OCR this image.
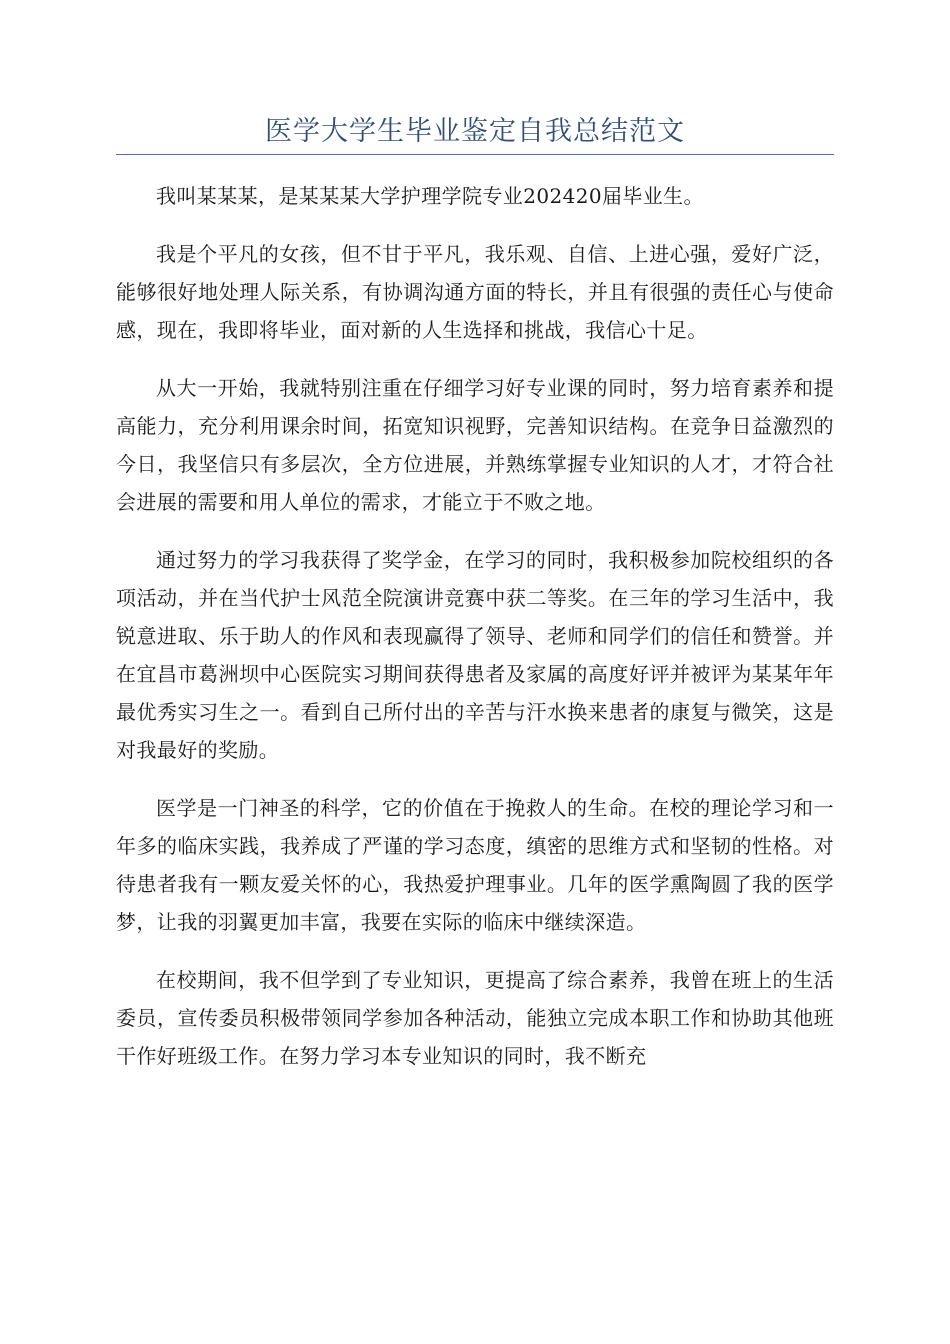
医学大学生毕业鉴定自我总结范文

我叫某某某，是某某某大学护理学院专业202420届毕业生。

我是个平凡的女孩，但不甘于平凡，我乐观、自信、上进心强，爱好广泛，能够很好地处理人际关系，有协调沟通方面的特长，并且有很强的责任心与使命感，现在，我即将毕业，面对新的人生选择和挑战，我信心十足。

从大一开始，我就特别注重在仔细学习好专业课的同时，努力培育素养和提高能力，充分利用课余时间，拓宽知识视野，完善知识结构。在竞争日益激烈的今日，我坚信只有多层次，全方位进展，并熟练掌握专业知识的人才，才符合社会进展的需要和用人单位的需求，才能立于不败之地。

通过努力的学习我获得了奖学金，在学习的同时，我积极参加院校组织的各项活动，并在当代护士风范全院演讲竞赛中获二等奖。在三年的学习生活中，我锐意进取、乐于助人的作风和表现赢得了领导、老师和同学们的信任和赞誉。并在宜昌市葛洲坝中心医院实习期间获得患者及家属的高度好评并被评为某某年年最优秀实习生之一。看到自己所付出的辛苦与汗水换来患者的康复与微笑，这是对我最好的奖励。

医学是一门神圣的科学，它的价值在于挽救人的生命。在校的理论学习和一年多的临床实践，我养成了严谨的学习态度，缜密的思维方式和坚韧的性格。对待患者我有一颗友爱关怀的心，我热爱护理事业。几年的医学熏陶圆了我的医学梦，让我的羽翼更加丰富，我要在实际的临床中继续深造。

在校期间，我不但学到了专业知识，更提高了综合素养，我曾在班上的生活委员，宣传委员积极带领同学参加各种活动，能独立完成本职工作和协助其他班干作好班级工作。在努力学习本专业知识的同时，我不断充
